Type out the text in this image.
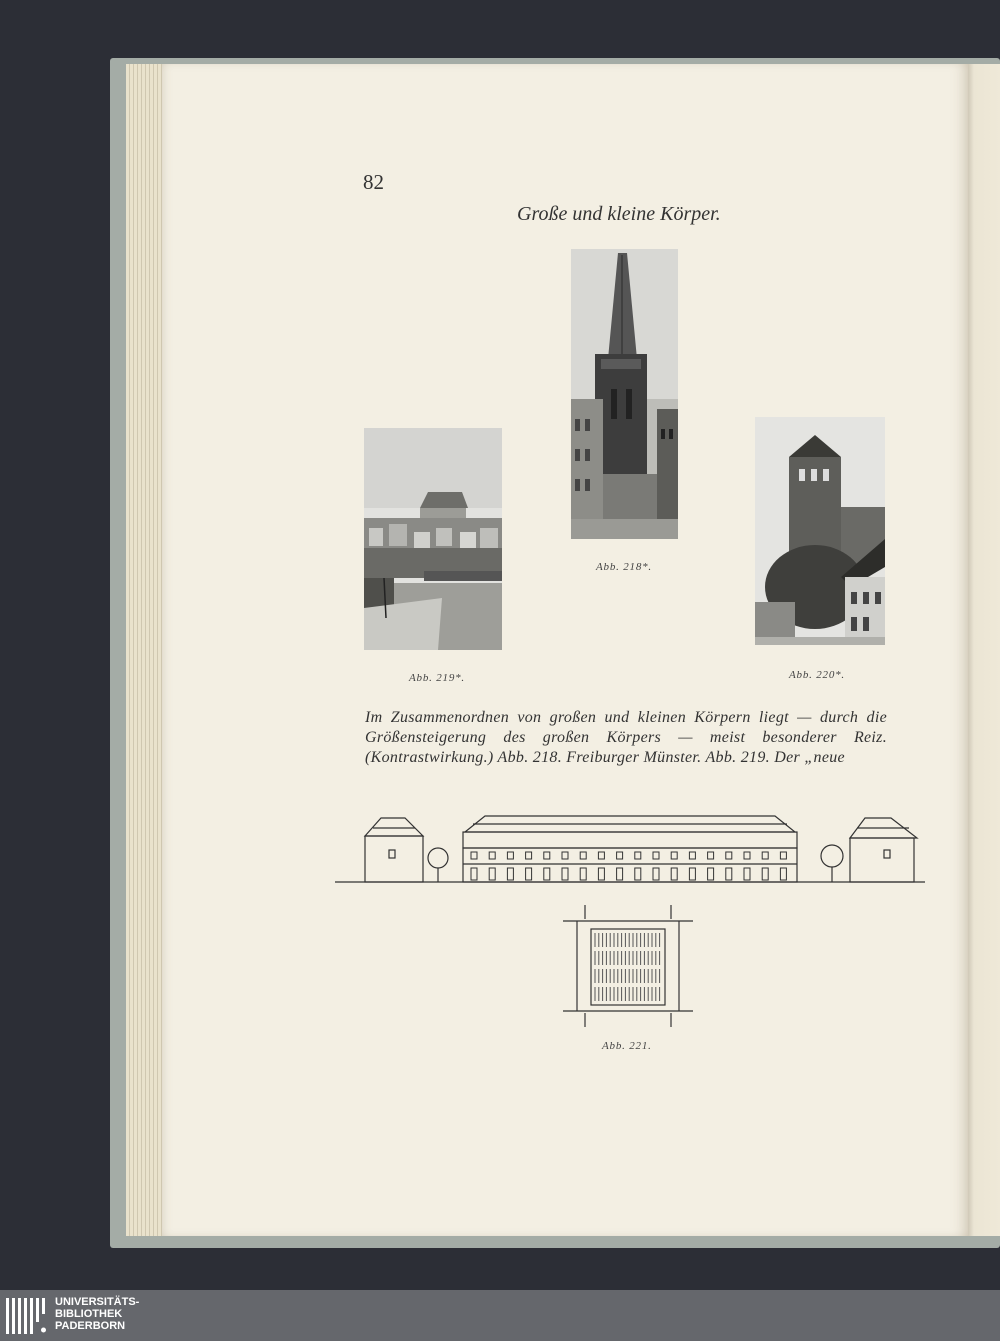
82
Große und kleine Körper.
Abb. 218*.
Abb. 219*.	Abb. 220*.
Im Zusammenordnen von großen und kleinen Körpern liegt — durch die Größensteigerung des großen Körpers — meist besonderer Reiz. (Kontrastwirkung.) Abb. 218. Freiburger Münster. Abb. 219. Der „neue
Abb. 221.
UNIVERSITÄTS-
BIBLIOTHEK
PADERBORN
